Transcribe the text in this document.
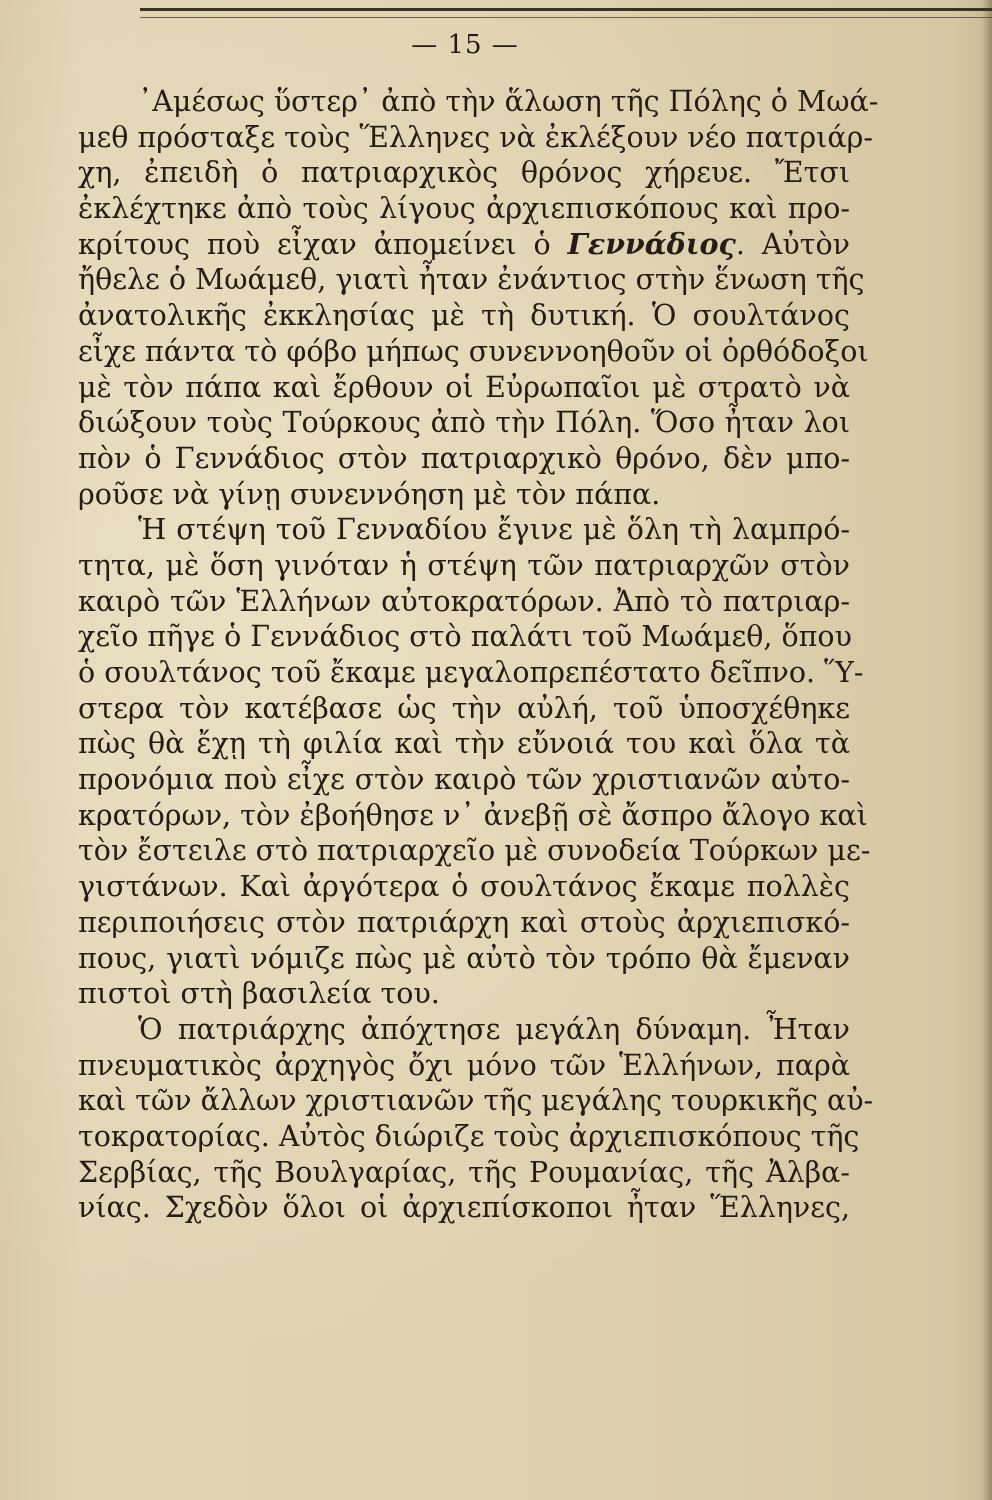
— 15 —
᾿Αμέσως ὕστερ᾿ ἀπὸ τὴν ἅλωση τῆς Πόλης ὁ Μωά-
μεθ πρόσταξε τοὺς Ἕλληνες νὰ ἐκλέξουν νέο πατριάρ-
χη, ἐπειδὴ ὁ πατριαρχικὸς θρόνος χήρευε. Ἔτσι
ἐκλέχτηκε ἀπὸ τοὺς λίγους ἀρχιεπισκόπους καὶ προ-
κρίτους ποὺ εἶχαν ἀπομείνει ὁ Γεννάδιος. Αὐτὸν
ἤθελε ὁ Μωάμεθ, γιατὶ ἦταν ἐνάντιος στὴν ἕνωση τῆς
ἀνατολικῆς ἐκκλησίας μὲ τὴ δυτική. Ὁ σουλτάνος
εἶχε πάντα τὸ φόβο μήπως συνεννοηθοῦν οἱ ὀρθόδοξοι
μὲ τὸν πάπα καὶ ἔρθουν οἱ Εὐρωπαῖοι μὲ στρατὸ νὰ
διώξουν τοὺς Τούρκους ἀπὸ τὴν Πόλη. Ὅσο ἦταν λοι
πὸν ὁ Γεννάδιος στὸν πατριαρχικὸ θρόνο, δὲν μπο-
ροῦσε νὰ γίνῃ συνεννόηση μὲ τὸν πάπα.
Ἡ στέψη τοῦ Γενναδίου ἔγινε μὲ ὅλη τὴ λαμπρό-
τητα, μὲ ὅση γινόταν ἡ στέψη τῶν πατριαρχῶν στὸν
καιρὸ τῶν Ἑλλήνων αὐτοκρατόρων. Ἀπὸ τὸ πατριαρ-
χεῖο πῆγε ὁ Γεννάδιος στὸ παλάτι τοῦ Μωάμεθ, ὅπου
ὁ σουλτάνος τοῦ ἔκαμε μεγαλοπρεπέστατο δεῖπνο. Ὕ-
στερα τὸν κατέβασε ὡς τὴν αὐλή, τοῦ ὑποσχέθηκε
πὼς θὰ ἔχῃ τὴ φιλία καὶ τὴν εὔνοιά του καὶ ὅλα τὰ
προνόμια ποὺ εἶχε στὸν καιρὸ τῶν χριστιανῶν αὐτο-
κρατόρων, τὸν ἐβοήθησε ν᾿ ἀνεβῇ σὲ ἄσπρο ἄλογο καὶ
τὸν ἔστειλε στὸ πατριαρχεῖο μὲ συνοδεία Τούρκων με-
γιστάνων. Καὶ ἀργότερα ὁ σουλτάνος ἔκαμε πολλὲς
περιποιήσεις στὸν πατριάρχη καὶ στοὺς ἀρχιεπισκό-
πους, γιατὶ νόμιζε πὼς μὲ αὐτὸ τὸν τρόπο θὰ ἔμεναν
πιστοὶ στὴ βασιλεία του.
Ὁ πατριάρχης ἀπόχτησε μεγάλη δύναμη. Ἦταν
πνευματικὸς ἀρχηγὸς ὄχι μόνο τῶν Ἑλλήνων, παρὰ
καὶ τῶν ἄλλων χριστιανῶν τῆς μεγάλης τουρκικῆς αὐ-
τοκρατορίας. Αὐτὸς διώριζε τοὺς ἀρχιεπισκόπους τῆς
Σερβίας, τῆς Βουλγαρίας, τῆς Ρουμανίας, τῆς Ἀλβα-
νίας. Σχεδὸν ὅλοι οἱ ἀρχιεπίσκοποι ἦταν Ἕλληνες,
